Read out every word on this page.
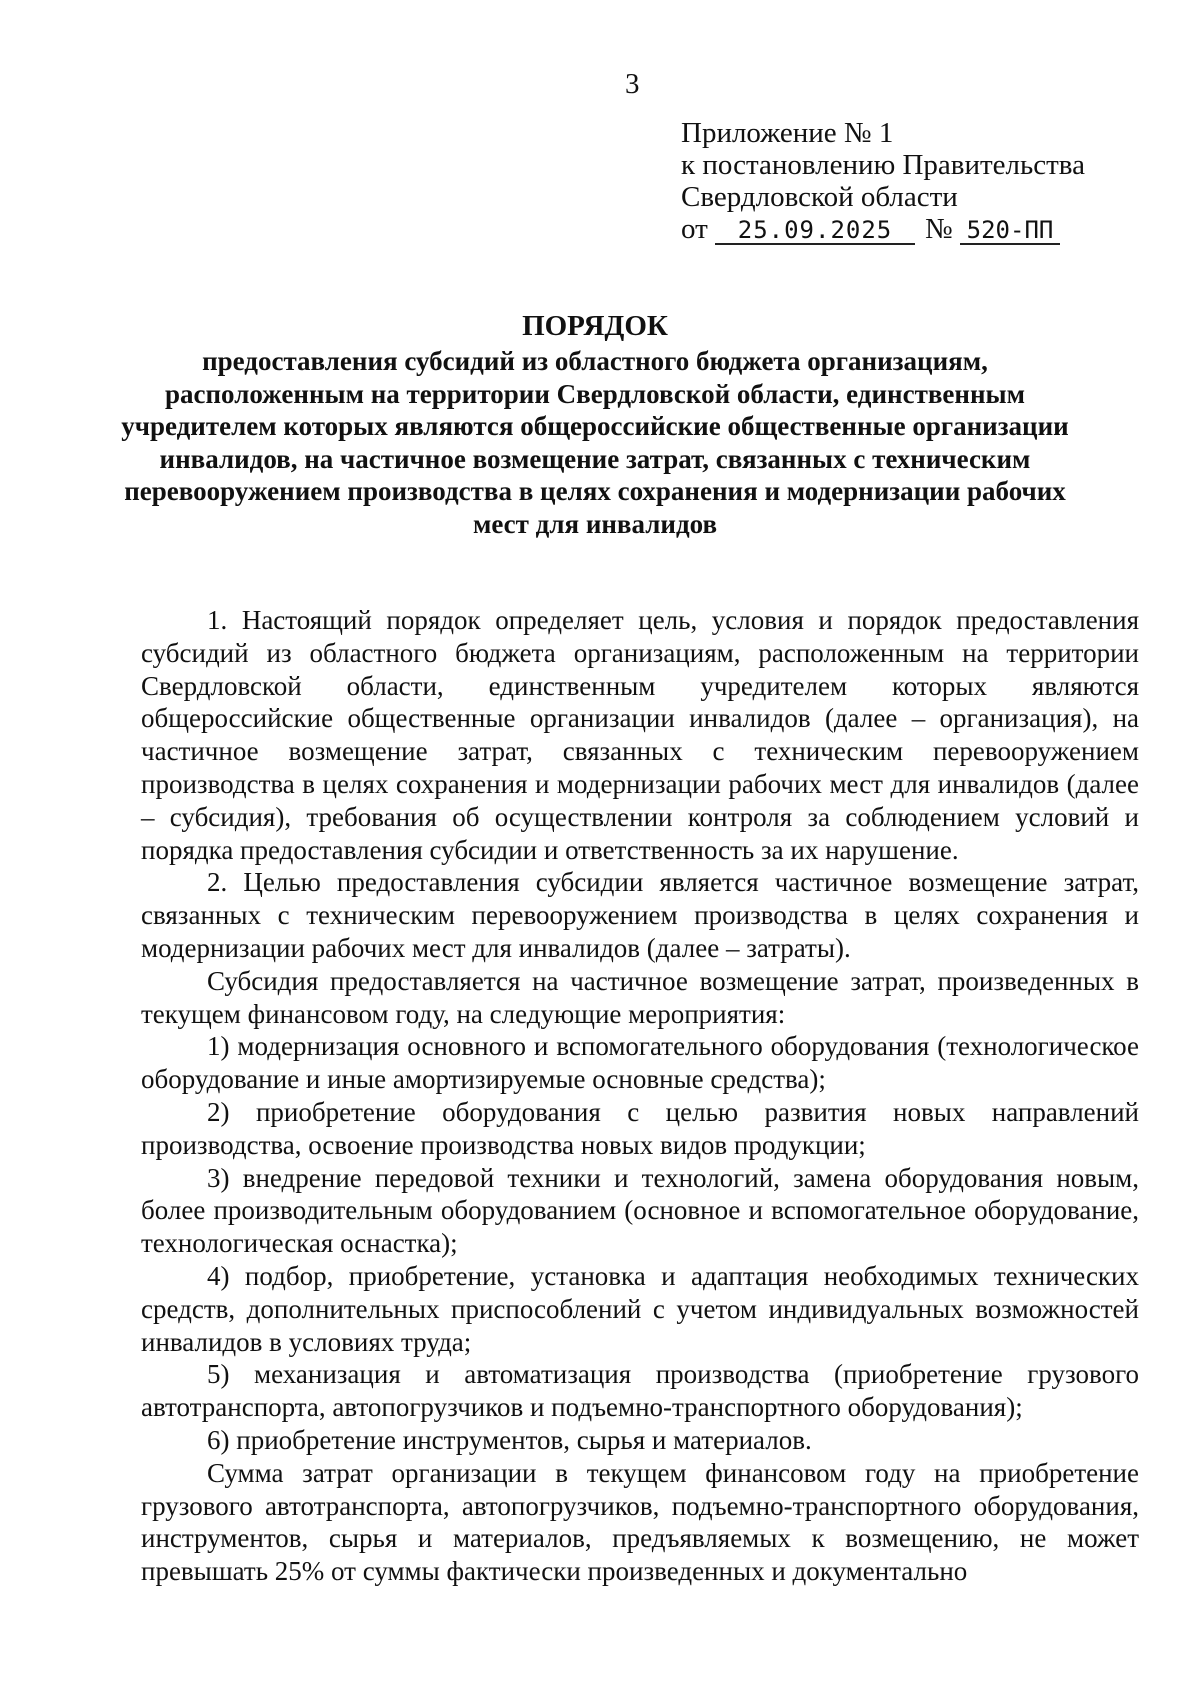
3
Приложение № 1
к постановлению Правительства
Свердловской области
от	25.09.2025	№ 520-ПП
ПОРЯДОК
предоставления субсидий из областного бюджета организациям, расположенным на территории Свердловской области, единственным учредителем которых являются общероссийские общественные организации инвалидов, на частичное возмещение затрат, связанных с техническим перевооружением производства в целях сохранения и модернизации рабочих мест для инвалидов

1. Настоящий порядок определяет цель, условия и порядок предоставления субсидий из областного бюджета организациям, расположенным на территории Свердловской области, единственным учредителем которых являются общероссийские общественные организации инвалидов (далее – организация), на частичное возмещение затрат, связанных с техническим перевооружением производства в целях сохранения и модернизации рабочих мест для инвалидов (далее – субсидия), требования об осуществлении контроля за соблюдением условий и порядка предоставления субсидии и ответственность за их нарушение.

2. Целью предоставления субсидии является частичное возмещение затрат, связанных с техническим перевооружением производства в целях сохранения и модернизации рабочих мест для инвалидов (далее – затраты).

Субсидия предоставляется на частичное возмещение затрат, произведенных в текущем финансовом году, на следующие мероприятия:

1) модернизация основного и вспомогательного оборудования (технологическое оборудование и иные амортизируемые основные средства);

2) приобретение оборудования с целью развития новых направлений производства, освоение производства новых видов продукции;

3) внедрение передовой техники и технологий, замена оборудования новым, более производительным оборудованием (основное и вспомогательное оборудование, технологическая оснастка);

4) подбор, приобретение, установка и адаптация необходимых технических средств, дополнительных приспособлений с учетом индивидуальных возможностей инвалидов в условиях труда;

5) механизация и автоматизация производства (приобретение грузового автотранспорта, автопогрузчиков и подъемно-транспортного оборудования);

6) приобретение инструментов, сырья и материалов.

Сумма затрат организации в текущем финансовом году на приобретение грузового автотранспорта, автопогрузчиков, подъемно-транспортного оборудования, инструментов, сырья и материалов, предъявляемых к возмещению, не может превышать 25% от суммы фактически произведенных и документально
